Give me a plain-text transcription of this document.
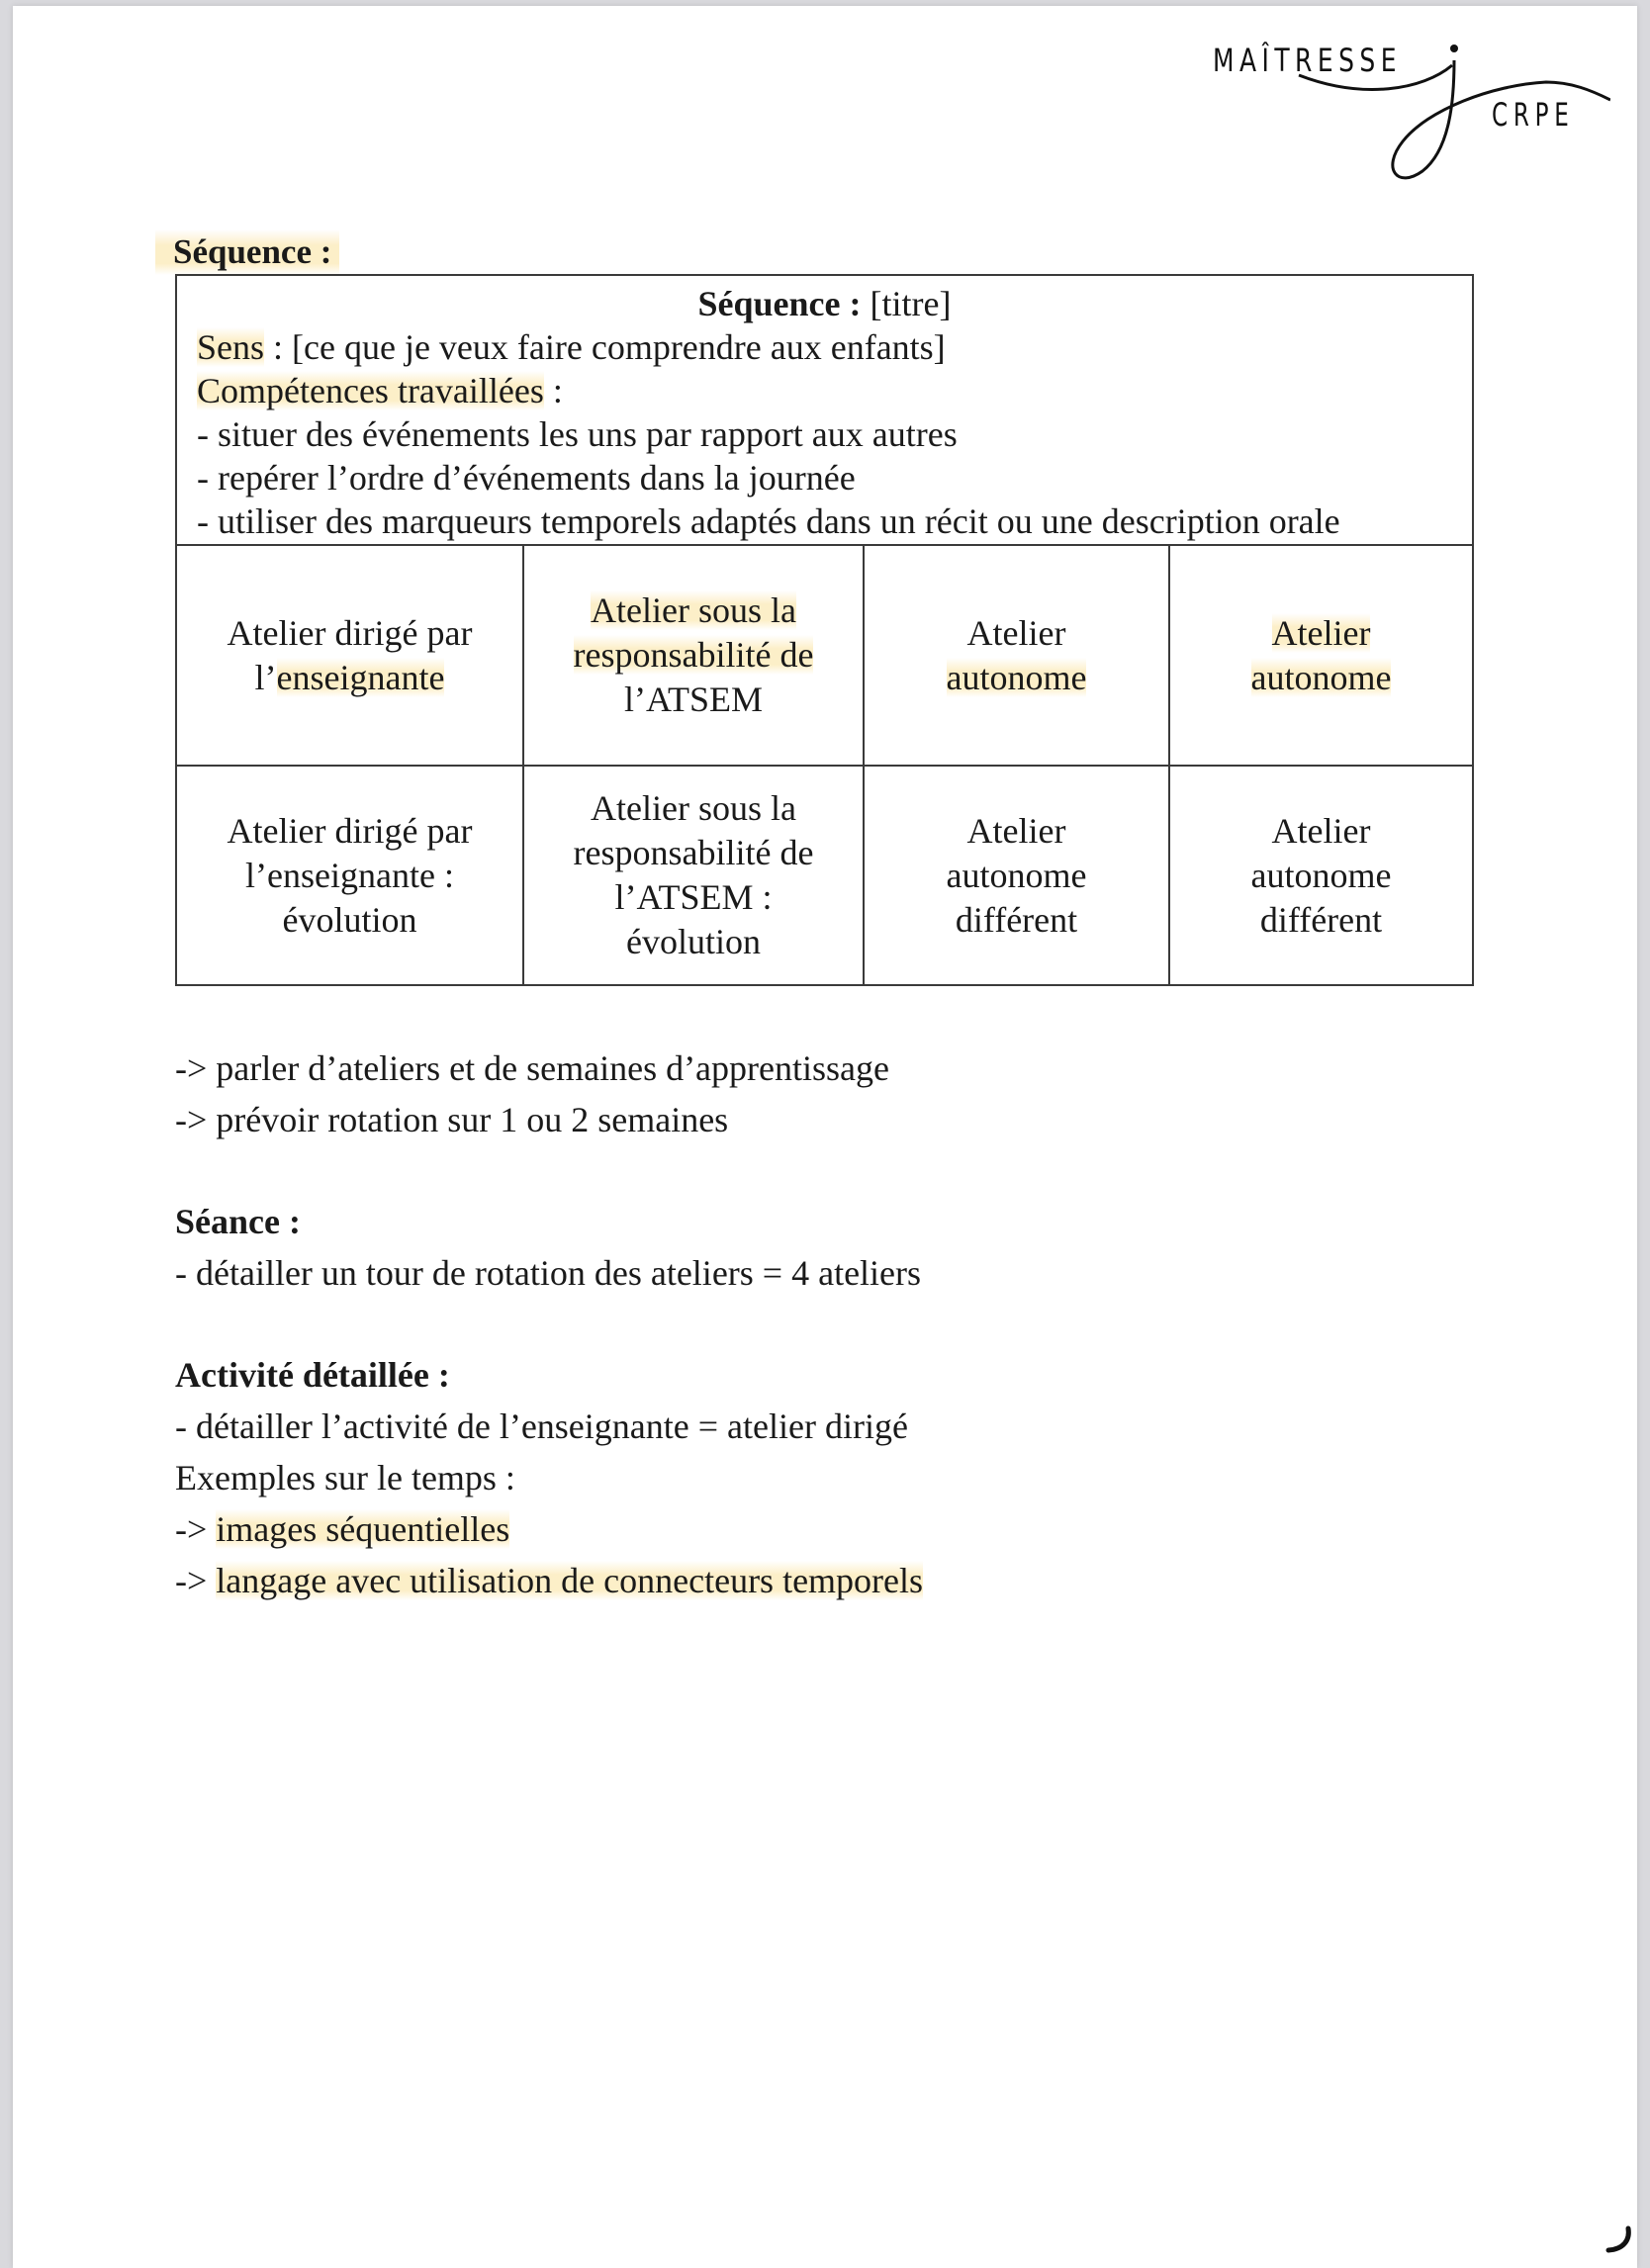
MAÎTRESSE
CRPE
Séquence :
Séquence : [titre]
Sens : [ce que je veux faire comprendre aux enfants]
Compétences travaillées :
- situer des événements les uns par rapport aux autres
- repérer l’ordre d’événements dans la journée
- utiliser des marqueurs temporels adaptés dans un récit ou une description orale
Atelier dirigé par
l’enseignante
Atelier sous la
responsabilité de
l’ATSEM
Atelier
autonome
Atelier
autonome
Atelier dirigé par
l’enseignante :
évolution
Atelier sous la
responsabilité de
l’ATSEM :
évolution
Atelier
autonome
différent
Atelier
autonome
différent
-> parler d’ateliers et de semaines d’apprentissage
-> prévoir rotation sur 1 ou 2 semaines
Séance :
- détailler un tour de rotation des ateliers = 4 ateliers
Activité détaillée :
- détailler l’activité de l’enseignante = atelier dirigé
Exemples sur le temps :
-> images séquentielles
-> langage avec utilisation de connecteurs temporels
